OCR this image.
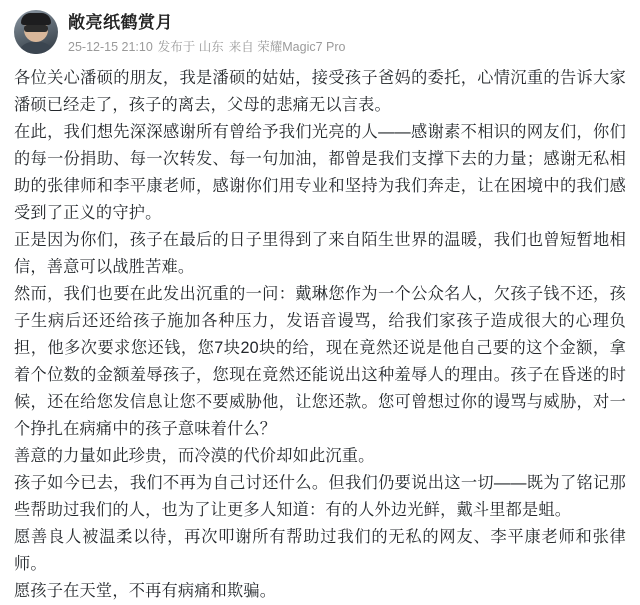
敞亮纸鹤赏月
25-12-15 21:10 发布于 山东 来自 荣耀Magic7 Pro

各位关心潘硕的朋友，我是潘硕的姑姑，接受孩子爸妈的委托，心情沉重的告诉大家潘硕已经走了，孩子的离去，父母的悲痛无以言表。

在此，我们想先深深感谢所有曾给予我们光亮的人——感谢素不相识的网友们，你们的每一份捐助、每一次转发、每一句加油，都曾是我们支撑下去的力量；感谢无私相助的张律师和李平康老师，感谢你们用专业和坚持为我们奔走，让在困境中的我们感受到了正义的守护。

正是因为你们，孩子在最后的日子里得到了来自陌生世界的温暖，我们也曾短暂地相信，善意可以战胜苦难。

然而，我们也要在此发出沉重的一问：戴琳您作为一个公众名人，欠孩子钱不还，孩子生病后还还给孩子施加各种压力，发语音谩骂，给我们家孩子造成很大的心理负担，他多次要求您还钱，您7块20块的给，现在竟然还说是他自己要的这个金额，拿着个位数的金额羞辱孩子，您现在竟然还能说出这种羞辱人的理由。孩子在昏迷的时候，还在给您发信息让您不要威胁他，让您还款。您可曾想过你的谩骂与威胁，对一个挣扎在病痛中的孩子意味着什么？

善意的力量如此珍贵，而冷漠的代价却如此沉重。

孩子如今已去，我们不再为自己讨还什么。但我们仍要说出这一切——既为了铭记那些帮助过我们的人，也为了让更多人知道：有的人外边光鲜，戴斗里都是蛆。

愿善良人被温柔以待，再次叩谢所有帮助过我们的无私的网友、李平康老师和张律师。

愿孩子在天堂，不再有病痛和欺骗。
